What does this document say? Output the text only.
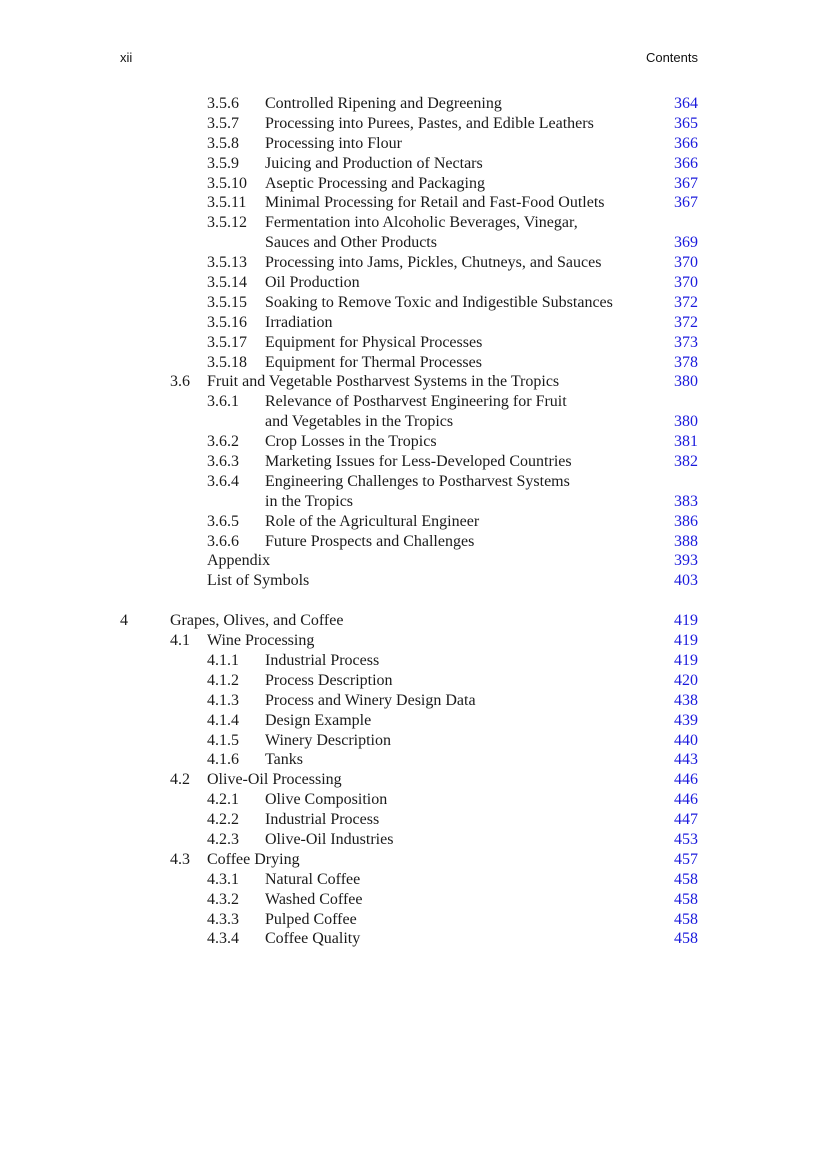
xii	Contents
3.5.6 Controlled Ripening and Degreening	364
3.5.7 Processing into Purees, Pastes, and Edible Leathers	365
3.5.8 Processing into Flour	366
3.5.9 Juicing and Production of Nectars	366
3.5.10 Aseptic Processing and Packaging	367
3.5.11 Minimal Processing for Retail and Fast-Food Outlets	367
3.5.12 Fermentation into Alcoholic Beverages, Vinegar,
Sauces and Other Products	369
3.5.13 Processing into Jams, Pickles, Chutneys, and Sauces	370
3.5.14 Oil Production	370
3.5.15 Soaking to Remove Toxic and Indigestible Substances	372
3.5.16 Irradiation	372
3.5.17 Equipment for Physical Processes	373
3.5.18 Equipment for Thermal Processes	378
3.6 Fruit and Vegetable Postharvest Systems in the Tropics	380
3.6.1 Relevance of Postharvest Engineering for Fruit
and Vegetables in the Tropics	380
3.6.2 Crop Losses in the Tropics	381
3.6.3 Marketing Issues for Less-Developed Countries	382
3.6.4 Engineering Challenges to Postharvest Systems
in the Tropics	383
3.6.5 Role of the Agricultural Engineer	386
3.6.6 Future Prospects and Challenges	388
Appendix	393
List of Symbols	403
4	Grapes, Olives, and Coffee	419
4.1 Wine Processing	419
4.1.1 Industrial Process	419
4.1.2 Process Description	420
4.1.3 Process and Winery Design Data	438
4.1.4 Design Example	439
4.1.5 Winery Description	440
4.1.6 Tanks	443
4.2 Olive-Oil Processing	446
4.2.1 Olive Composition	446
4.2.2 Industrial Process	447
4.2.3 Olive-Oil Industries	453
4.3 Coffee Drying	457
4.3.1 Natural Coffee	458
4.3.2 Washed Coffee	458
4.3.3 Pulped Coffee	458
4.3.4 Coffee Quality	458
